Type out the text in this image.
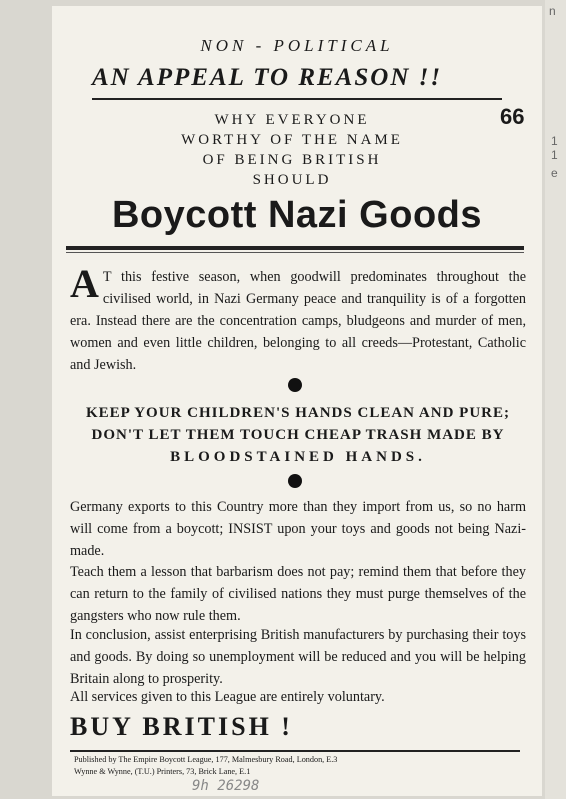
n
1
1
e
NON - POLITICAL
AN APPEAL TO REASON !!
WHY EVERYONE
WORTHY OF THE NAME
OF BEING BRITISH
SHOULD
66
Boycott Nazi Goods
A T this festive season, when goodwill predominates throughout the civilised world, in Nazi Germany peace and tranquility is of a forgotten era. Instead there are the concentration camps, bludgeons and murder of men, women and even little children, belonging to all creeds—Protestant, Catholic and Jewish.
KEEP YOUR CHILDREN'S HANDS CLEAN AND PURE;
DON'T LET THEM TOUCH CHEAP TRASH MADE BY
BLOODSTAINED HANDS.
Germany exports to this Country more than they import from us, so no harm will come from a boycott; INSIST upon your toys and goods not being Nazi-made.
Teach them a lesson that barbarism does not pay; remind them that before they can return to the family of civilised nations they must purge themselves of the gangsters who now rule them.
In conclusion, assist enterprising British manufacturers by purchasing their toys and goods. By doing so unemployment will be reduced and you will be helping Britain along to prosperity.
All services given to this League are entirely voluntary.
BUY BRITISH !
Published by The Empire Boycott League, 177, Malmesbury Road, London, E.3
Wynne & Wynne, (T.U.) Printers, 73, Brick Lane, E.1
9h 26298
